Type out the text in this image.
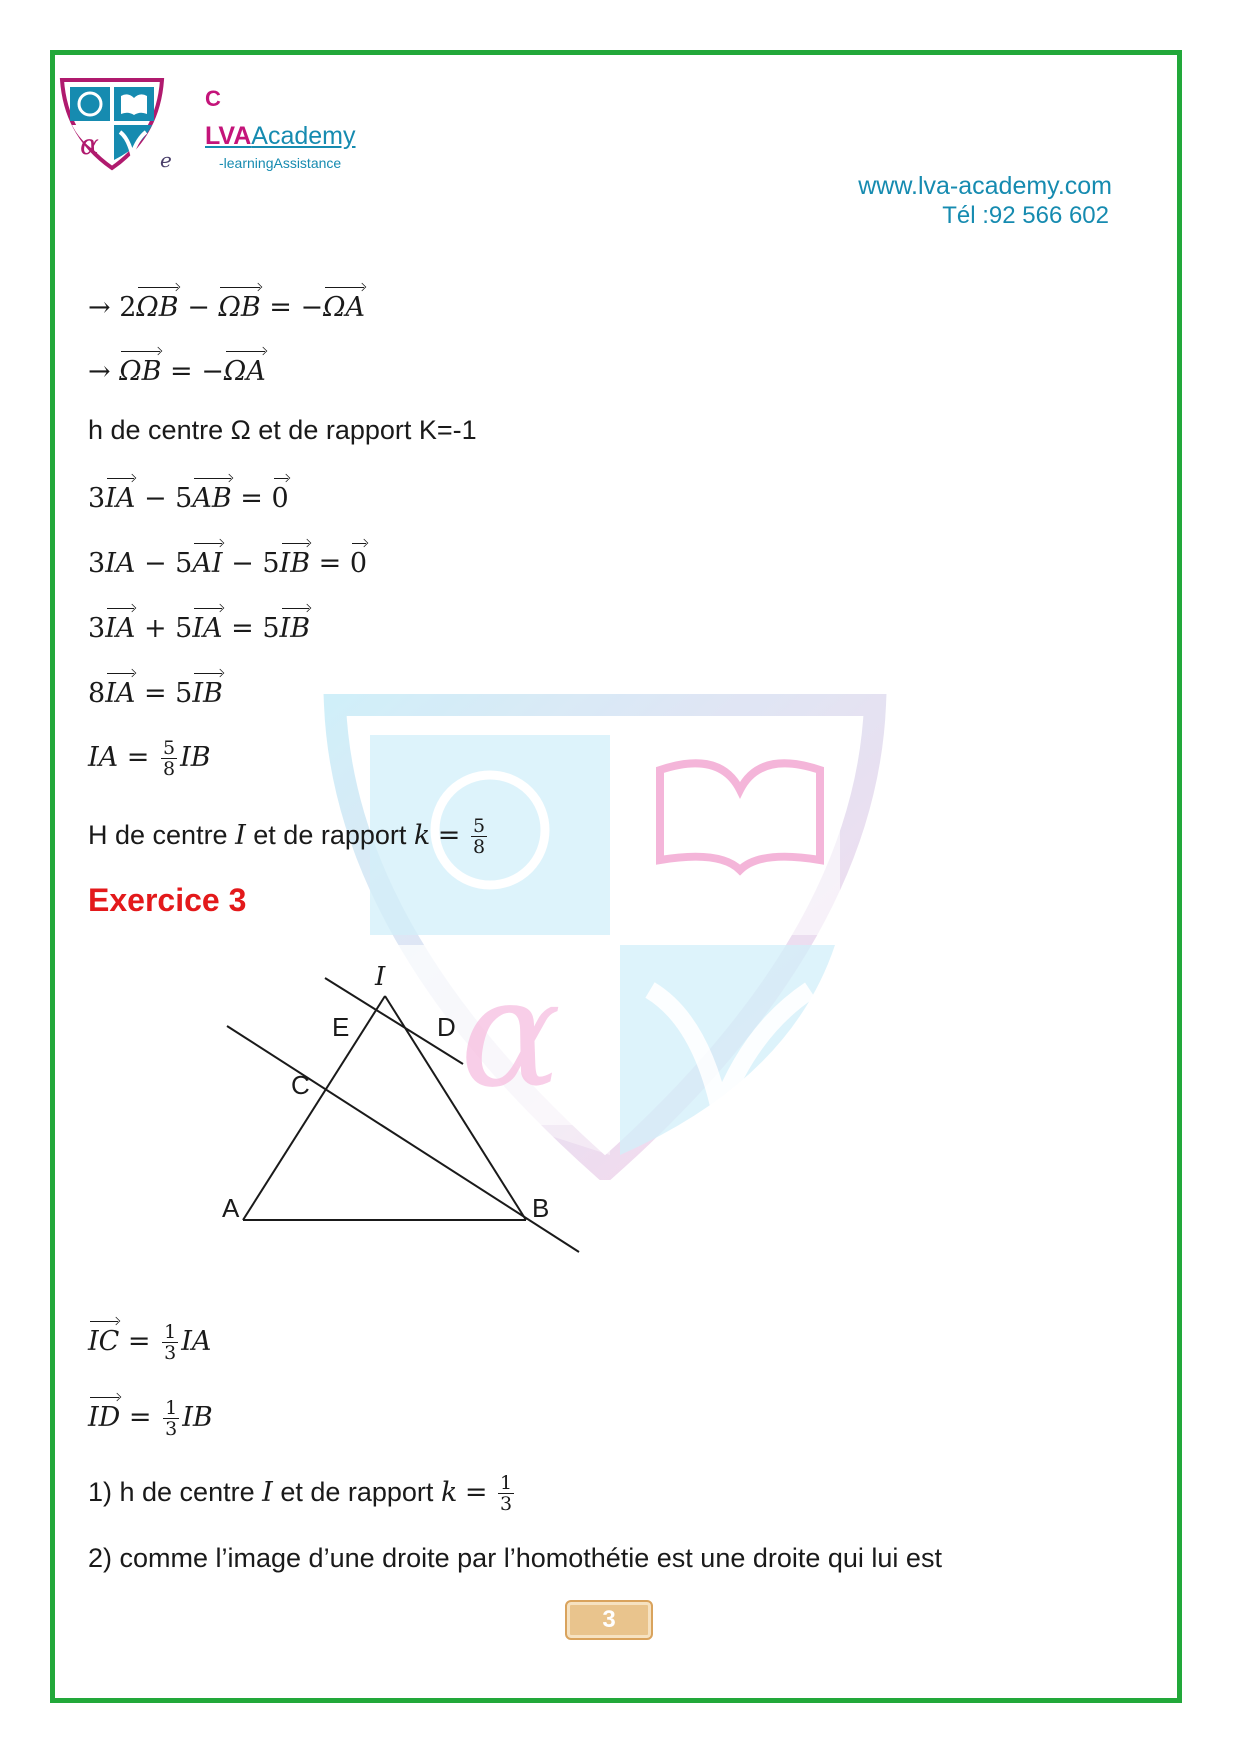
α
α	e
C
LVAAcademy
-learningAssistance
www.lva-academy.com
Tél :92 566 602
→ 2ΩB − ΩB = −ΩA
→ ΩB = −ΩA
h de centre Ω et de rapport K=-1
3IA − 5AB = 0
3IA − 5AI − 5IB = 0
3IA + 5IA = 5IB
8IA = 5IB
IA = $\frac{5}{8}$ IB
H de centre I et de rapport $k = \frac{5}{8}$
Exercice 3
I
E	D
C
A	B
IC = $\frac{1}{3}$ IA
ID = $\frac{1}{3}$ IB
1) h de centre I et de rapport $k = \frac{1}{3}$
2) comme l’image d’une droite par l’homothétie est une droite qui lui est
3
